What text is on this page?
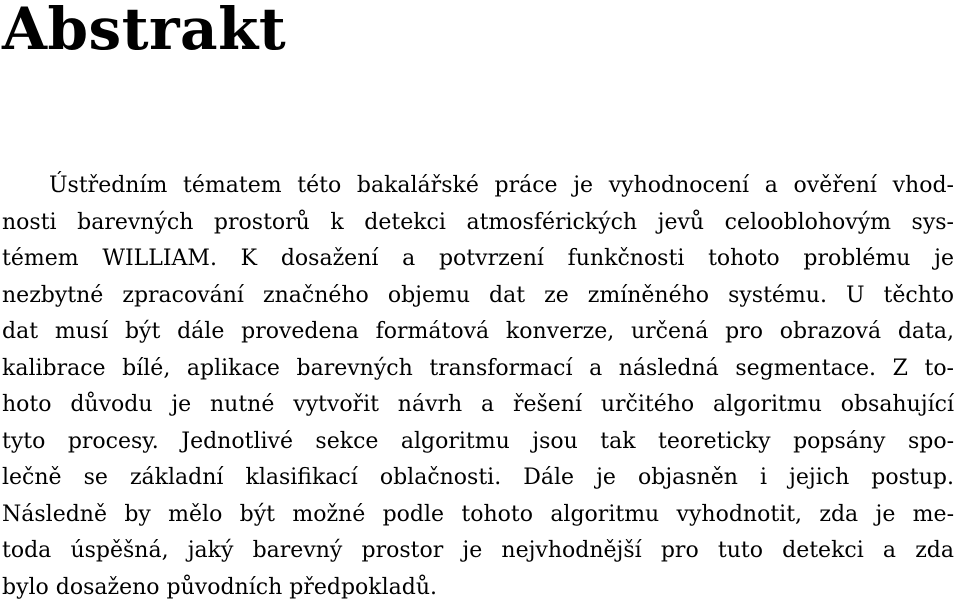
Abstrakt
Ústředním tématem této bakalářské práce je vyhodnocení a ověření vhod-
nosti barevných prostorů k detekci atmosférických jevů celooblohovým sys-
témem WILLIAM. K dosažení a potvrzení funkčnosti tohoto problému je
nezbytné zpracování značného objemu dat ze zmíněného systému. U těchto
dat musí být dále provedena formátová konverze, určená pro obrazová data,
kalibrace bílé, aplikace barevných transformací a následná segmentace. Z to-
hoto důvodu je nutné vytvořit návrh a řešení určitého algoritmu obsahující
tyto procesy. Jednotlivé sekce algoritmu jsou tak teoreticky popsány spo-
lečně se základní klasifikací oblačnosti. Dále je objasněn i jejich postup.
Následně by mělo být možné podle tohoto algoritmu vyhodnotit, zda je me-
toda úspěšná, jaký barevný prostor je nejvhodnější pro tuto detekci a zda
bylo dosaženo původních předpokladů.
